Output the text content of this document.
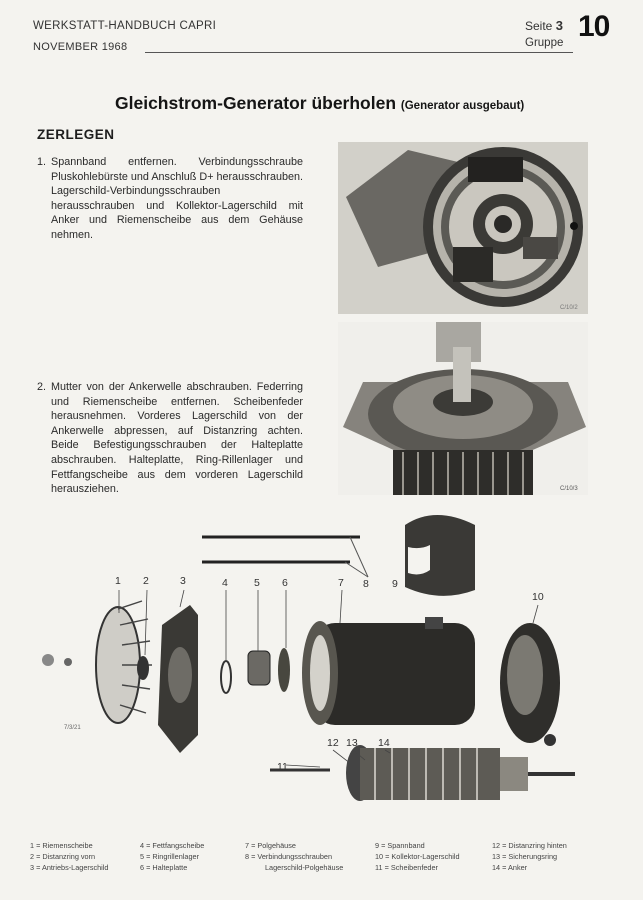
WERKSTATT-HANDBUCH CAPRI
NOVEMBER 1968
Seite 3
Gruppe 10
Gleichstrom-Generator überholen (Generator ausgebaut)
ZERLEGEN
1. Spannband entfernen. Verbindungsschraube Pluskohlebürste und Anschluß D+ herausschrauben. Lagerschild-Verbindungsschrauben herausschrauben und Kollektor-Lagerschild mit Anker und Riemenscheibe aus dem Gehäuse nehmen.
2. Mutter von der Ankerwelle abschrauben. Federring und Riemenscheibe entfernen. Scheibenfeder herausnehmen. Vorderes Lagerschild von der Ankerwelle abpressen, auf Distanzring achten. Beide Befestigungsschrauben der Halteplatte abschrauben. Halteplatte, Ring-Rillenlager und Fettfangscheibe aus dem vorderen Lagerschild herausziehen.
C/10/2
C/10/3
1 2	3	4 5 6	7 8 9
10
11
12 13 14
7/3/21
1 = Riemenscheibe
2 = Distanzring vorn
3 = Antriebs-Lagerschild
4 = Fettfangscheibe
5 = Ringrillenlager
6 = Halteplatte
7 = Polgehäuse
8 = Verbindungsschrauben
Lagerschild-Polgehäuse
9 = Spannband
10 = Kollektor-Lagerschild
11 = Scheibenfeder
12 = Distanzring hinten
13 = Sicherungsring
14 = Anker
